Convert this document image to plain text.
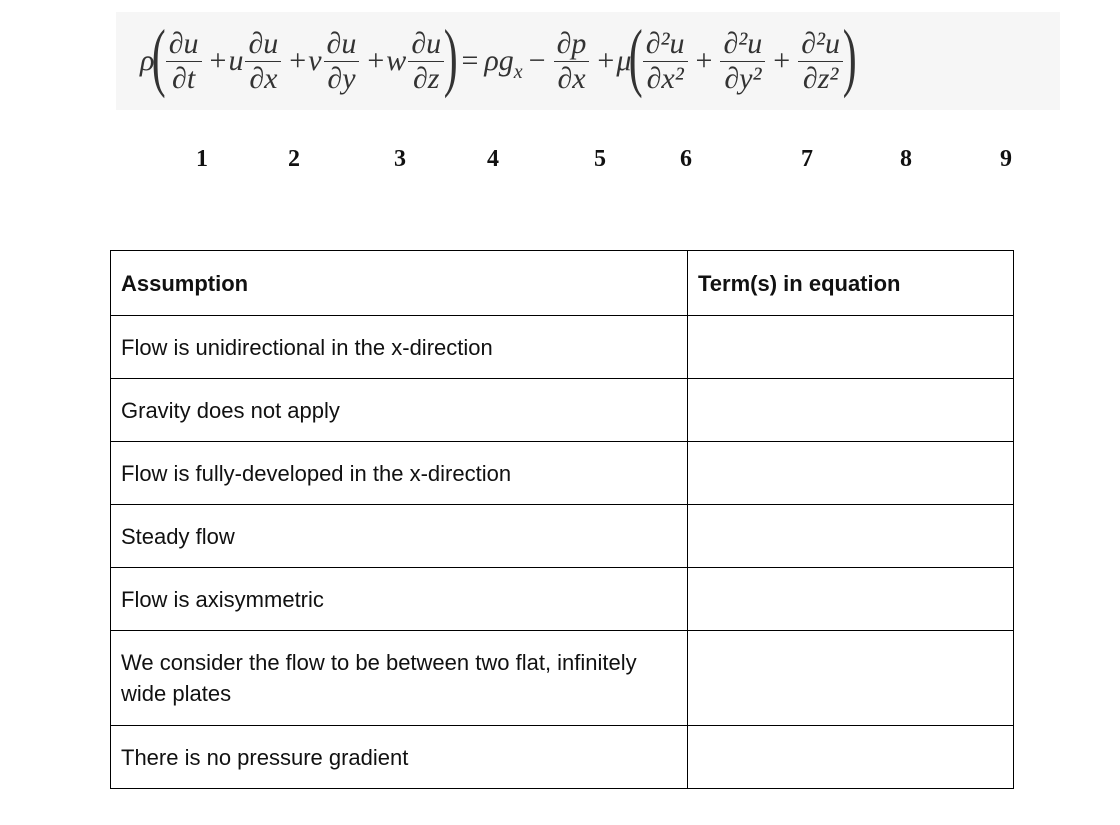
ρ
( $\frac{\partial u}{\partial t} + u \frac{\partial u}{\partial x} + v \frac{\partial u}{\partial y} + w \frac{\partial u}{\partial z}$ ) = $\rho g_x - \frac{\partial p}{\partial x} + \mu$
( $\frac{\text{∂²u}}{\text{∂x²}} + \frac{\text{∂²u}}{\text{∂y²}} + \frac{\text{∂²u}}{\text{∂z²}}$ )
1	2	3	4	5	6	7	8	9
Assumption	Term(s) in equation
Flow is unidirectional in the x-direction	
Gravity does not apply	
Flow is fully-developed in the x-direction	
Steady flow	
Flow is axisymmetric	
We consider the flow to be between two flat, infinitely wide plates	
There is no pressure gradient	
